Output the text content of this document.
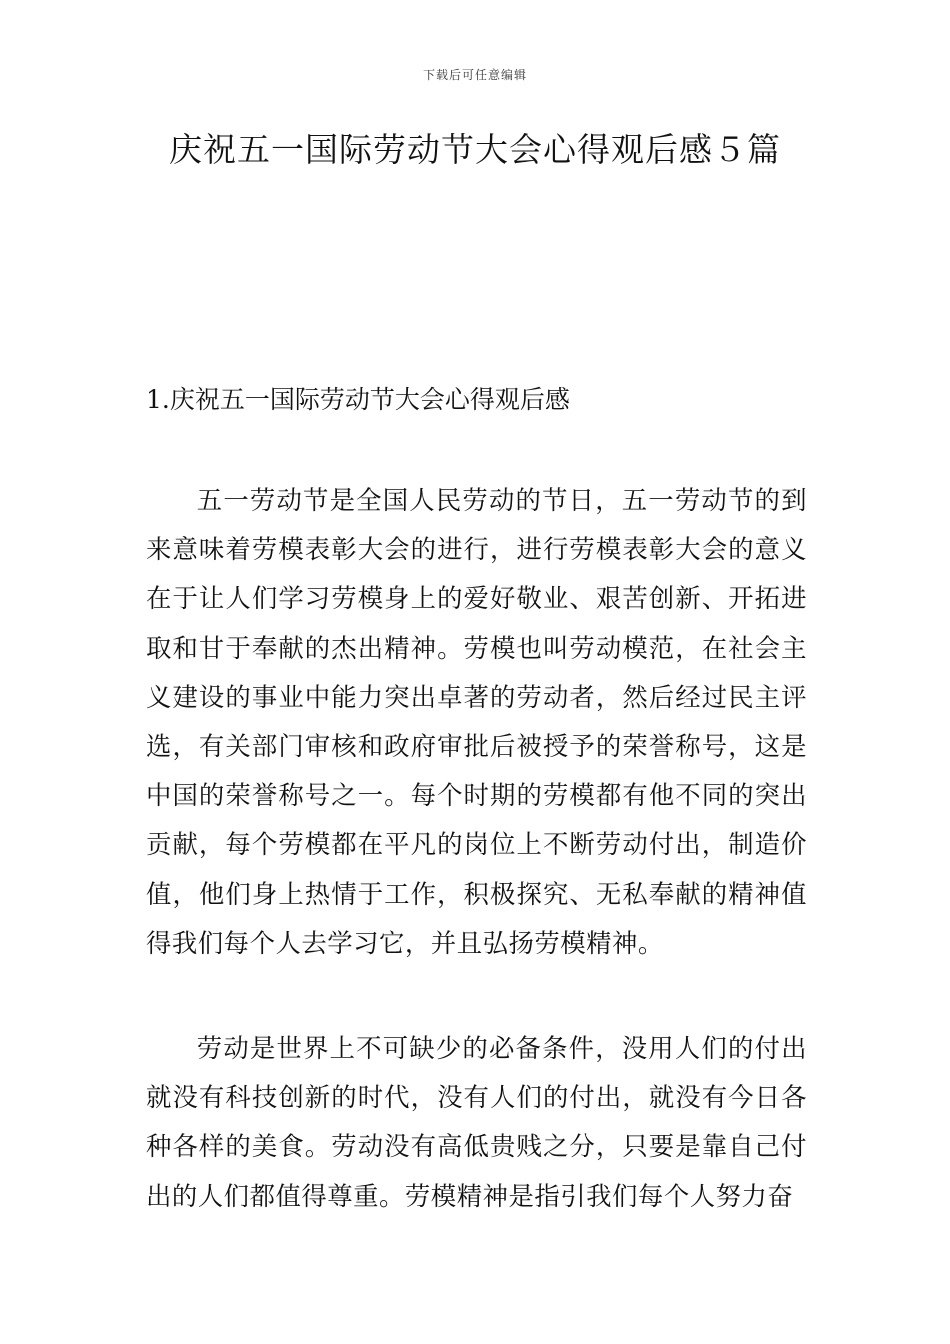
下载后可任意编辑
庆祝五一国际劳动节大会心得观后感５篇
1.庆祝五一国际劳动节大会心得观后感

五一劳动节是全国人民劳动的节日，五一劳动节的到来意味着劳模表彰大会的进行，进行劳模表彰大会的意义在于让人们学习劳模身上的爱好敬业、艰苦创新、开拓进取和甘于奉献的杰出精神。劳模也叫劳动模范，在社会主义建设的事业中能力突出卓著的劳动者，然后经过民主评选，有关部门审核和政府审批后被授予的荣誉称号，这是中国的荣誉称号之一。每个时期的劳模都有他不同的突出贡献，每个劳模都在平凡的岗位上不断劳动付出，制造价值，他们身上热情于工作，积极探究、无私奉献的精神值得我们每个人去学习它，并且弘扬劳模精神。

劳动是世界上不可缺少的必备条件，没用人们的付出就没有科技创新的时代，没有人们的付出，就没有今日各种各样的美食。劳动没有高低贵贱之分，只要是靠自己付出的人们都值得尊重。劳模精神是指引我们每个人努力奋
